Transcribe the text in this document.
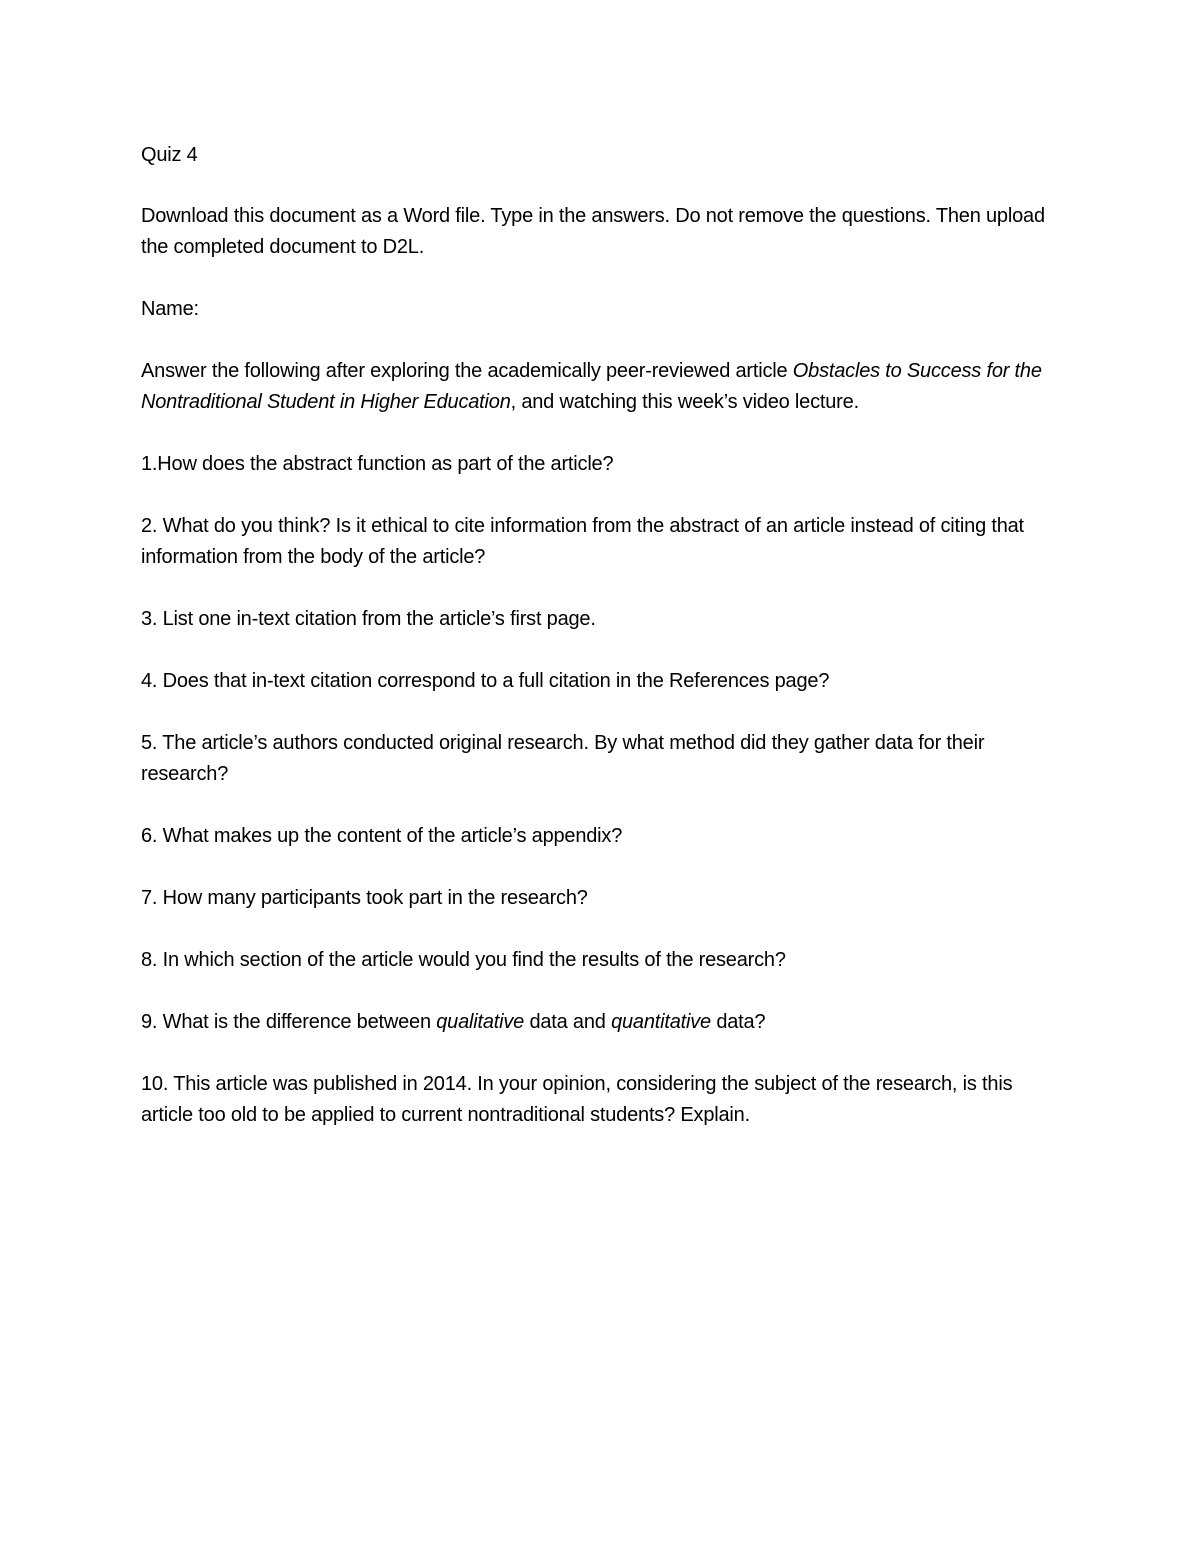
Quiz 4

Download this document as a Word file. Type in the answers. Do not remove the questions. Then upload the completed document to D2L.

Name:

Answer the following after exploring the academically peer-reviewed article Obstacles to Success for the Nontraditional Student in Higher Education, and watching this week’s video lecture.

1.How does the abstract function as part of the article?

2. What do you think? Is it ethical to cite information from the abstract of an article instead of citing that information from the body of the article?

3. List one in-text citation from the article’s first page.

4. Does that in-text citation correspond to a full citation in the References page?

5. The article’s authors conducted original research. By what method did they gather data for their research?

6. What makes up the content of the article’s appendix?

7. How many participants took part in the research?

8. In which section of the article would you find the results of the research?

9. What is the difference between qualitative data and quantitative data?

10. This article was published in 2014. In your opinion, considering the subject of the research, is this article too old to be applied to current nontraditional students? Explain.
